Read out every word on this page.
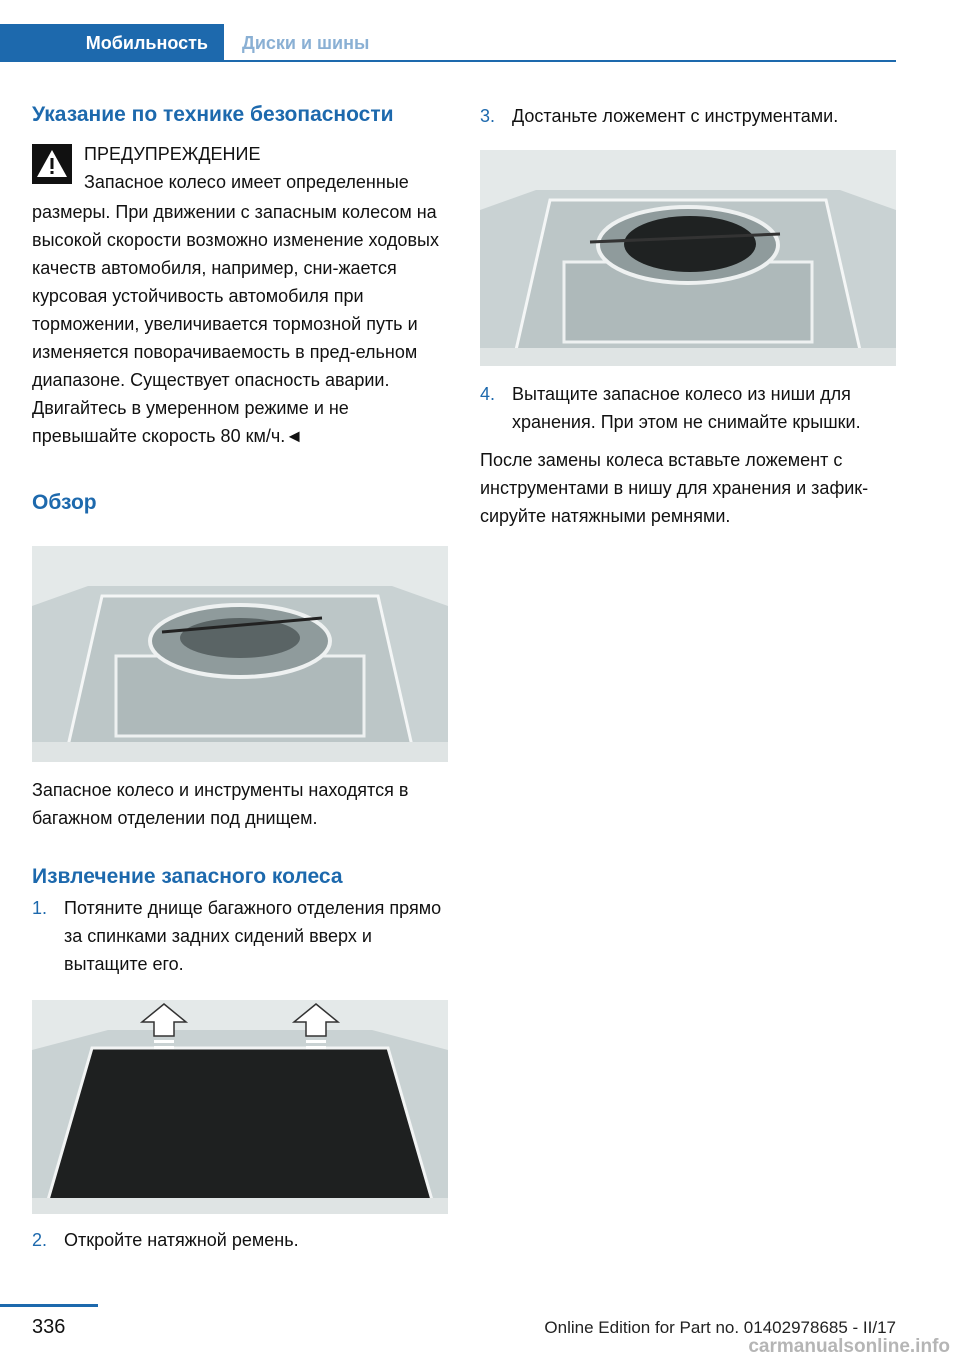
Мобильность Диски и шины
Указание по технике безопасности
ПРЕДУПРЕЖДЕНИЕ
Запасное колесо имеет определенные

размеры. При движении с запасным колесом на высокой скорости возможно изменение ходовых качеств автомобиля, например, сни-жается курсовая устойчивость автомобиля при торможении, увеличивается тормозной путь и изменяется поворачиваемость в пред-ельном диапазоне. Существует опасность аварии. Двигайтесь в умеренном режиме и не превышайте скорость 80 км/ч.◄

Обзор

Запасное колесо и инструменты находятся в багажном отделении под днищем.

Извлечение запасного колеса
1. Потяните днище багажного отделения прямо за спинками задних сидений вверх и вытащите его.
2. Откройте натяжной ремень.
3. Достаньте ложемент с инструментами.
4. Вытащите запасное колесо из ниши для хранения. При этом не снимайте крышки.

После замены колеса вставьте ложемент с инструментами в нишу для хранения и зафик-сируйте натяжными ремнями.

336	Online Edition for Part no. 01402978685 - II/17
carmanualsonline.info
